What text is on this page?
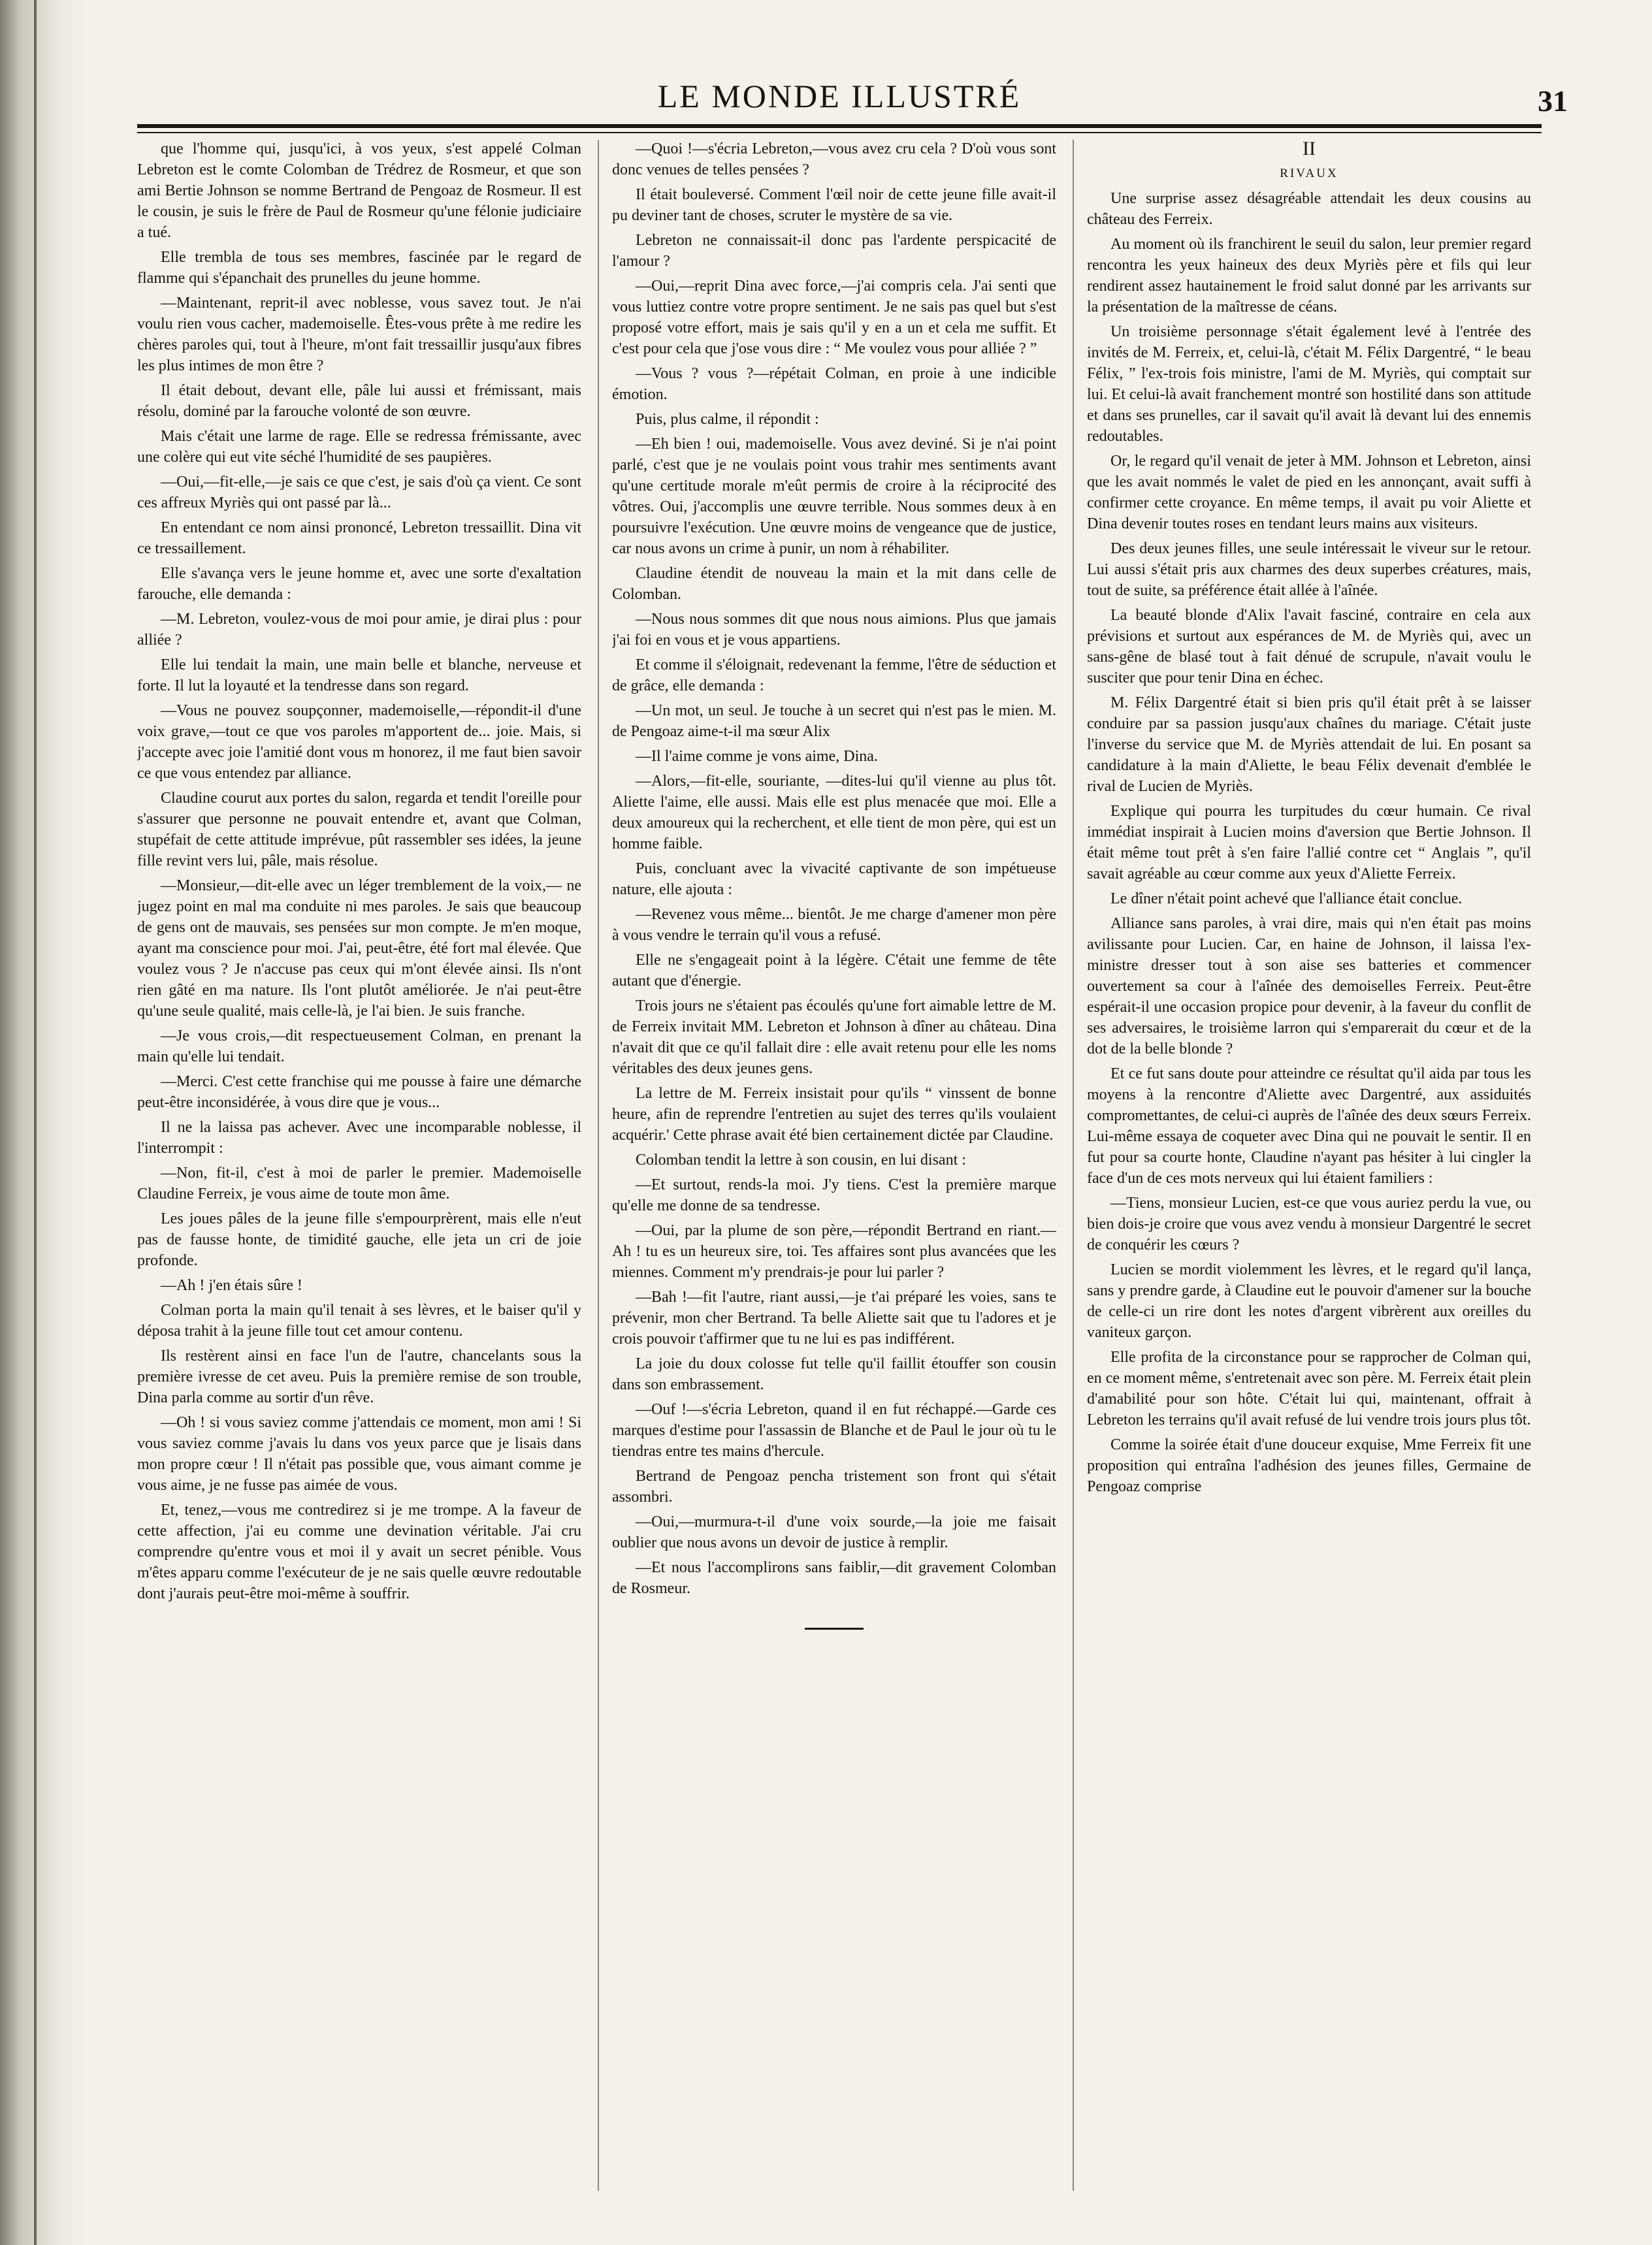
LE MONDE ILLUSTRÉ	31

que l'homme qui, jusqu'ici, à vos yeux, s'est appelé Colman Lebreton est le comte Colomban de Trédrez de Rosmeur, et que son ami Bertie Johnson se nomme Bertrand de Pengoaz de Rosmeur. Il est le cousin, je suis le frère de Paul de Rosmeur qu'une félonie judiciaire a tué.

Elle trembla de tous ses membres, fascinée par le regard de flamme qui s'épanchait des prunelles du jeune homme.

—Maintenant, reprit-il avec noblesse, vous savez tout. Je n'ai voulu rien vous cacher, mademoiselle. Êtes-vous prête à me redire les chères paroles qui, tout à l'heure, m'ont fait tressaillir jusqu'aux fibres les plus intimes de mon être ?

Il était debout, devant elle, pâle lui aussi et frémissant, mais résolu, dominé par la farouche volonté de son œuvre.

Mais c'était une larme de rage. Elle se redressa frémissante, avec une colère qui eut vite séché l'humidité de ses paupières.

—Oui,—fit-elle,—je sais ce que c'est, je sais d'où ça vient. Ce sont ces affreux Myriès qui ont passé par là...

En entendant ce nom ainsi prononcé, Lebreton tressaillit. Dina vit ce tressaillement.

Elle s'avança vers le jeune homme et, avec une sorte d'exaltation farouche, elle demanda :

—M. Lebreton, voulez-vous de moi pour amie, je dirai plus : pour alliée ?

Elle lui tendait la main, une main belle et blanche, nerveuse et forte. Il lut la loyauté et la tendresse dans son regard.

—Vous ne pouvez soupçonner, mademoiselle,—répondit-il d'une voix grave,—tout ce que vos paroles m'apportent de... joie. Mais, si j'accepte avec joie l'amitié dont vous m honorez, il me faut bien savoir ce que vous entendez par alliance.

Claudine courut aux portes du salon, regarda et tendit l'oreille pour s'assurer que personne ne pouvait entendre et, avant que Colman, stupéfait de cette attitude imprévue, pût rassembler ses idées, la jeune fille revint vers lui, pâle, mais résolue.

—Monsieur,—dit-elle avec un léger tremblement de la voix,— ne jugez point en mal ma conduite ni mes paroles. Je sais que beaucoup de gens ont de mauvais, ses pensées sur mon compte. Je m'en moque, ayant ma conscience pour moi. J'ai, peut-être, été fort mal élevée. Que voulez vous ? Je n'accuse pas ceux qui m'ont élevée ainsi. Ils n'ont rien gâté en ma nature. Ils l'ont plutôt améliorée. Je n'ai peut-être qu'une seule qualité, mais celle-là, je l'ai bien. Je suis franche.

—Je vous crois,—dit respectueusement Colman, en prenant la main qu'elle lui tendait.

—Merci. C'est cette franchise qui me pousse à faire une démarche peut-être inconsidérée, à vous dire que je vous...

Il ne la laissa pas achever. Avec une incomparable noblesse, il l'interrompit :

—Non, fit-il, c'est à moi de parler le premier. Mademoiselle Claudine Ferreix, je vous aime de toute mon âme.

Les joues pâles de la jeune fille s'empourprèrent, mais elle n'eut pas de fausse honte, de timidité gauche, elle jeta un cri de joie profonde.

—Ah ! j'en étais sûre !

Colman porta la main qu'il tenait à ses lèvres, et le baiser qu'il y déposa trahit à la jeune fille tout cet amour contenu.

Ils restèrent ainsi en face l'un de l'autre, chancelants sous la première ivresse de cet aveu. Puis la première remise de son trouble, Dina parla comme au sortir d'un rêve.

—Oh ! si vous saviez comme j'attendais ce moment, mon ami ! Si vous saviez comme j'avais lu dans vos yeux parce que je lisais dans mon propre cœur ! Il n'était pas possible que, vous aimant comme je vous aime, je ne fusse pas aimée de vous.

Et, tenez,—vous me contredirez si je me trompe. A la faveur de cette affection, j'ai eu comme une devination véritable. J'ai cru comprendre qu'entre vous et moi il y avait un secret pénible. Vous m'êtes apparu comme l'exécuteur de je ne sais quelle œuvre redoutable dont j'aurais peut-être moi-même à souffrir.

—Quoi !—s'écria Lebreton,—vous avez cru cela ? D'où vous sont donc venues de telles pensées ?

Il était bouleversé. Comment l'œil noir de cette jeune fille avait-il pu deviner tant de choses, scruter le mystère de sa vie.

Lebreton ne connaissait-il donc pas l'ardente perspicacité de l'amour ?

—Oui,—reprit Dina avec force,—j'ai compris cela. J'ai senti que vous luttiez contre votre propre sentiment. Je ne sais pas quel but s'est proposé votre effort, mais je sais qu'il y en a un et cela me suffit. Et c'est pour cela que j'ose vous dire : “ Me voulez vous pour alliée ? ”

—Vous ? vous ?—répétait Colman, en proie à une indicible émotion.

Puis, plus calme, il répondit :

—Eh bien ! oui, mademoiselle. Vous avez deviné. Si je n'ai point parlé, c'est que je ne voulais point vous trahir mes sentiments avant qu'une certitude morale m'eût permis de croire à la réciprocité des vôtres. Oui, j'accomplis une œuvre terrible. Nous sommes deux à en poursuivre l'exécution. Une œuvre moins de vengeance que de justice, car nous avons un crime à punir, un nom à réhabiliter.

Claudine étendit de nouveau la main et la mit dans celle de Colomban.

—Nous nous sommes dit que nous nous aimions. Plus que jamais j'ai foi en vous et je vous appartiens.

Et comme il s'éloignait, redevenant la femme, l'être de séduction et de grâce, elle demanda :

—Un mot, un seul. Je touche à un secret qui n'est pas le mien. M. de Pengoaz aime-t-il ma sœur Alix

—Il l'aime comme je vons aime, Dina.

—Alors,—fit-elle, souriante, —dites-lui qu'il vienne au plus tôt. Aliette l'aime, elle aussi. Mais elle est plus menacée que moi. Elle a deux amoureux qui la recherchent, et elle tient de mon père, qui est un homme faible.

Puis, concluant avec la vivacité captivante de son impétueuse nature, elle ajouta :

—Revenez vous même... bientôt. Je me charge d'amener mon père à vous vendre le terrain qu'il vous a refusé.

Elle ne s'engageait point à la légère. C'était une femme de tête autant que d'énergie.

Trois jours ne s'étaient pas écoulés qu'une fort aimable lettre de M. de Ferreix invitait MM. Lebreton et Johnson à dîner au château. Dina n'avait dit que ce qu'il fallait dire : elle avait retenu pour elle les noms véritables des deux jeunes gens.

La lettre de M. Ferreix insistait pour qu'ils “ vinssent de bonne heure, afin de reprendre l'entretien au sujet des terres qu'ils voulaient acquérir.' Cette phrase avait été bien certainement dictée par Claudine.

Colomban tendit la lettre à son cousin, en lui disant :

—Et surtout, rends-la moi. J'y tiens. C'est la première marque qu'elle me donne de sa tendresse.

—Oui, par la plume de son père,—répondit Bertrand en riant.—Ah ! tu es un heureux sire, toi. Tes affaires sont plus avancées que les miennes. Comment m'y prendrais-je pour lui parler ?

—Bah !—fit l'autre, riant aussi,—je t'ai préparé les voies, sans te prévenir, mon cher Bertrand. Ta belle Aliette sait que tu l'adores et je crois pouvoir t'affirmer que tu ne lui es pas indifférent.

La joie du doux colosse fut telle qu'il faillit étouffer son cousin dans son embrassement.

—Ouf !—s'écria Lebreton, quand il en fut réchappé.—Garde ces marques d'estime pour l'assassin de Blanche et de Paul le jour où tu le tiendras entre tes mains d'hercule.

Bertrand de Pengoaz pencha tristement son front qui s'était assombri.

—Oui,—murmura-t-il d'une voix sourde,—la joie me faisait oublier que nous avons un devoir de justice à remplir.

—Et nous l'accomplirons sans faiblir,—dit gravement Colomban de Rosmeur.

II

RIVAUX

Une surprise assez désagréable attendait les deux cousins au château des Ferreix.

Au moment où ils franchirent le seuil du salon, leur premier regard rencontra les yeux haineux des deux Myriès père et fils qui leur rendirent assez hautainement le froid salut donné par les arrivants sur la présentation de la maîtresse de céans.

Un troisième personnage s'était également levé à l'entrée des invités de M. Ferreix, et, celui-là, c'était M. Félix Dargentré, “ le beau Félix, ” l'ex-trois fois ministre, l'ami de M. Myriès, qui comptait sur lui. Et celui-là avait franchement montré son hostilité dans son attitude et dans ses prunelles, car il savait qu'il avait là devant lui des ennemis redoutables.

Or, le regard qu'il venait de jeter à MM. Johnson et Lebreton, ainsi que les avait nommés le valet de pied en les annonçant, avait suffi à confirmer cette croyance. En même temps, il avait pu voir Aliette et Dina devenir toutes roses en tendant leurs mains aux visiteurs.

Des deux jeunes filles, une seule intéressait le viveur sur le retour. Lui aussi s'était pris aux charmes des deux superbes créatures, mais, tout de suite, sa préférence était allée à l'aînée.

La beauté blonde d'Alix l'avait fasciné, contraire en cela aux prévisions et surtout aux espérances de M. de Myriès qui, avec un sans-gêne de blasé tout à fait dénué de scrupule, n'avait voulu le susciter que pour tenir Dina en échec.

M. Félix Dargentré était si bien pris qu'il était prêt à se laisser conduire par sa passion jusqu'aux chaînes du mariage. C'était juste l'inverse du service que M. de Myriès attendait de lui. En posant sa candidature à la main d'Aliette, le beau Félix devenait d'emblée le rival de Lucien de Myriès.

Explique qui pourra les turpitudes du cœur humain. Ce rival immédiat inspirait à Lucien moins d'aversion que Bertie Johnson. Il était même tout prêt à s'en faire l'allié contre cet “ Anglais ”, qu'il savait agréable au cœur comme aux yeux d'Aliette Ferreix.

Le dîner n'était point achevé que l'alliance était conclue.

Alliance sans paroles, à vrai dire, mais qui n'en était pas moins avilissante pour Lucien. Car, en haine de Johnson, il laissa l'ex-ministre dresser tout à son aise ses batteries et commencer ouvertement sa cour à l'aînée des demoiselles Ferreix. Peut-être espérait-il une occasion propice pour devenir, à la faveur du conflit de ses adversaires, le troisième larron qui s'emparerait du cœur et de la dot de la belle blonde ?

Et ce fut sans doute pour atteindre ce résultat qu'il aida par tous les moyens à la rencontre d'Aliette avec Dargentré, aux assiduités compromettantes, de celui-ci auprès de l'aînée des deux sœurs Ferreix. Lui-même essaya de coqueter avec Dina qui ne pouvait le sentir. Il en fut pour sa courte honte, Claudine n'ayant pas hésiter à lui cingler la face d'un de ces mots nerveux qui lui étaient familiers :

—Tiens, monsieur Lucien, est-ce que vous auriez perdu la vue, ou bien dois-je croire que vous avez vendu à monsieur Dargentré le secret de conquérir les cœurs ?

Lucien se mordit violemment les lèvres, et le regard qu'il lança, sans y prendre garde, à Claudine eut le pouvoir d'amener sur la bouche de celle-ci un rire dont les notes d'argent vibrèrent aux oreilles du vaniteux garçon.

Elle profita de la circonstance pour se rapprocher de Colman qui, en ce moment même, s'entretenait avec son père. M. Ferreix était plein d'amabilité pour son hôte. C'était lui qui, maintenant, offrait à Lebreton les terrains qu'il avait refusé de lui vendre trois jours plus tôt.

Comme la soirée était d'une douceur exquise, Mme Ferreix fit une proposition qui entraîna l'adhésion des jeunes filles, Germaine de Pengoaz comprise
